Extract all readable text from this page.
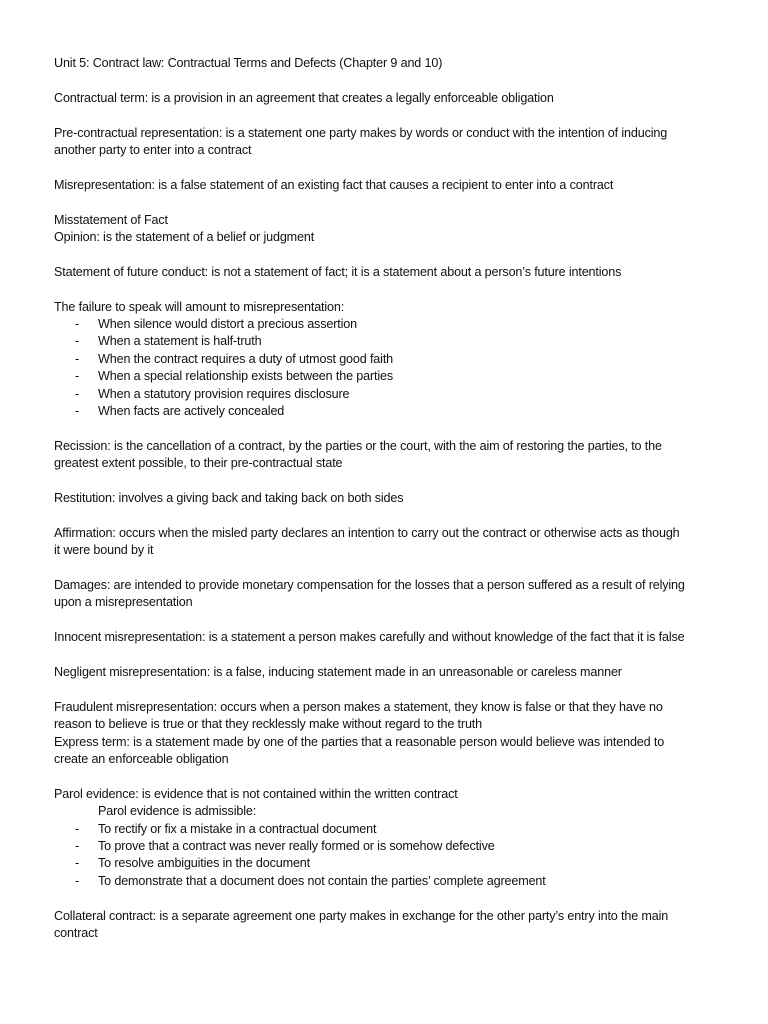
Unit 5: Contract law: Contractual Terms and Defects (Chapter 9 and 10)

Contractual term: is a provision in an agreement that creates a legally enforceable obligation

Pre-contractual representation: is a statement one party makes by words or conduct with the intention of inducing
another party to enter into a contract

Misrepresentation: is a false statement of an existing fact that causes a recipient to enter into a contract

Misstatement of Fact
Opinion: is the statement of a belief or judgment

Statement of future conduct: is not a statement of fact; it is a statement about a person’s future intentions

The failure to speak will amount to misrepresentation:

- When silence would distort a precious assertion
- When a statement is half-truth
- When the contract requires a duty of utmost good faith
- When a special relationship exists between the parties
- When a statutory provision requires disclosure
- When facts are actively concealed

Recission: is the cancellation of a contract, by the parties or the court, with the aim of restoring the parties, to the
greatest extent possible, to their pre-contractual state

Restitution: involves a giving back and taking back on both sides

Affirmation: occurs when the misled party declares an intention to carry out the contract or otherwise acts as though
it were bound by it

Damages: are intended to provide monetary compensation for the losses that a person suffered as a result of relying
upon a misrepresentation

Innocent misrepresentation: is a statement a person makes carefully and without knowledge of the fact that it is false

Negligent misrepresentation: is a false, inducing statement made in an unreasonable or careless manner

Fraudulent misrepresentation: occurs when a person makes a statement, they know is false or that they have no
reason to believe is true or that they recklessly make without regard to the truth
Express term: is a statement made by one of the parties that a reasonable person would believe was intended to
create an enforceable obligation

Parol evidence: is evidence that is not contained within the written contract
Parol evidence is admissible:

- To rectify or fix a mistake in a contractual document
- To prove that a contract was never really formed or is somehow defective
- To resolve ambiguities in the document
- To demonstrate that a document does not contain the parties’ complete agreement

Collateral contract: is a separate agreement one party makes in exchange for the other party’s entry into the main
contract
